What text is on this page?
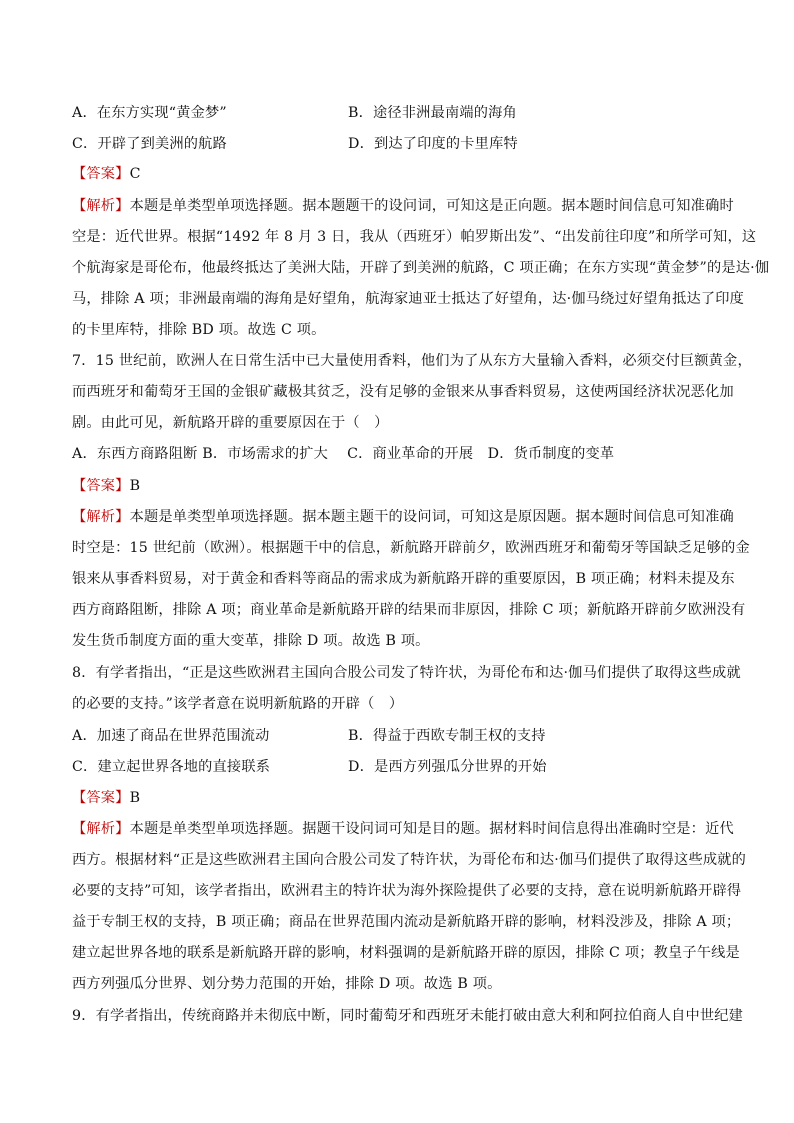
A．在东方实现“黄金梦”	B．途径非洲最南端的海角
C．开辟了到美洲的航路	D．到达了印度的卡里库特
【答案】C
【解析】本题是单类型单项选择题。据本题题干的设问词，可知这是正向题。据本题时间信息可知准确时
空是：近代世界。根据“1492 年 8 月 3 日，我从（西班牙）帕罗斯出发”、“出发前往印度”和所学可知，这
个航海家是哥伦布，他最终抵达了美洲大陆，开辟了到美洲的航路，C 项正确；在东方实现“黄金梦”的是达·伽
马，排除 A 项；非洲最南端的海角是好望角，航海家迪亚士抵达了好望角，达·伽马绕过好望角抵达了印度
的卡里库特，排除 BD 项。故选 C 项。
7．15 世纪前，欧洲人在日常生活中已大量使用香料，他们为了从东方大量输入香料，必须交付巨额黄金，
而西班牙和葡萄牙王国的金银矿藏极其贫乏，没有足够的金银来从事香料贸易，这使两国经济状况恶化加
剧。由此可见，新航路开辟的重要原因在于（　）
A．东西方商路阻断 B．市场需求的扩大　 C．商业革命的开展　D．货币制度的变革
【答案】B
【解析】本题是单类型单项选择题。据本题主题干的设问词，可知这是原因题。据本题时间信息可知准确
时空是：15 世纪前（欧洲）。根据题干中的信息，新航路开辟前夕，欧洲西班牙和葡萄牙等国缺乏足够的金
银来从事香料贸易，对于黄金和香料等商品的需求成为新航路开辟的重要原因，B 项正确；材料未提及东
西方商路阻断，排除 A 项；商业革命是新航路开辟的结果而非原因，排除 C 项；新航路开辟前夕欧洲没有
发生货币制度方面的重大变革，排除 D 项。故选 B 项。
8．有学者指出，“正是这些欧洲君主国向合股公司发了特许状，为哥伦布和达·伽马们提供了取得这些成就
的必要的支持。”该学者意在说明新航路的开辟（　）
A．加速了商品在世界范围流动	B．得益于西欧专制王权的支持
C．建立起世界各地的直接联系	D．是西方列强瓜分世界的开始
【答案】B
【解析】本题是单类型单项选择题。据题干设问词可知是目的题。据材料时间信息得出准确时空是：近代
西方。根据材料“正是这些欧洲君主国向合股公司发了特许状，为哥伦布和达·伽马们提供了取得这些成就的
必要的支持”可知，该学者指出，欧洲君主的特许状为海外探险提供了必要的支持，意在说明新航路开辟得
益于专制王权的支持，B 项正确；商品在世界范围内流动是新航路开辟的影响，材料没涉及，排除 A 项；
建立起世界各地的联系是新航路开辟的影响，材料强调的是新航路开辟的原因，排除 C 项；教皇子午线是
西方列强瓜分世界、划分势力范围的开始，排除 D 项。故选 B 项。
9．有学者指出，传统商路并未彻底中断，同时葡萄牙和西班牙未能打破由意大利和阿拉伯商人自中世纪建
